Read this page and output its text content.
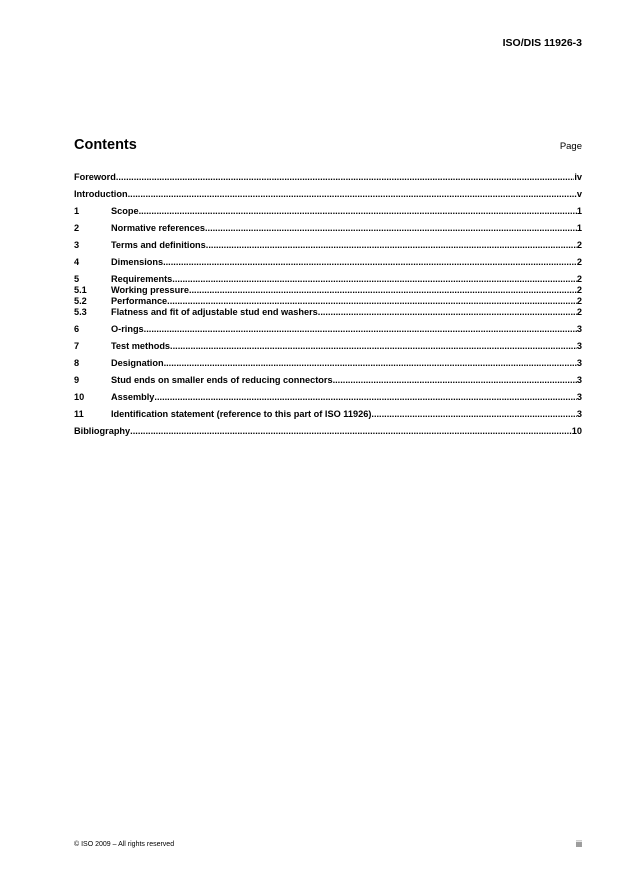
ISO/DIS 11926-3
Contents	Page
Foreword .....	iv
Introduction .....	v
1	Scope .....	1
2	Normative references .....	1
3	Terms and definitions .....	2
4	Dimensions .....	2
5	Requirements .....	2
5.1	Working pressure .....	2
5.2	Performance .....	2
5.3	Flatness and fit of adjustable stud end washers .....	2
6	O-rings .....	3
7	Test methods .....	3
8	Designation .....	3
9	Stud ends on smaller ends of reducing connectors .....	3
10	Assembly .....	3
11	Identification statement (reference to this part of ISO 11926) .....	3
Bibliography .....	10
© ISO 2009 – All rights reserved	iii
